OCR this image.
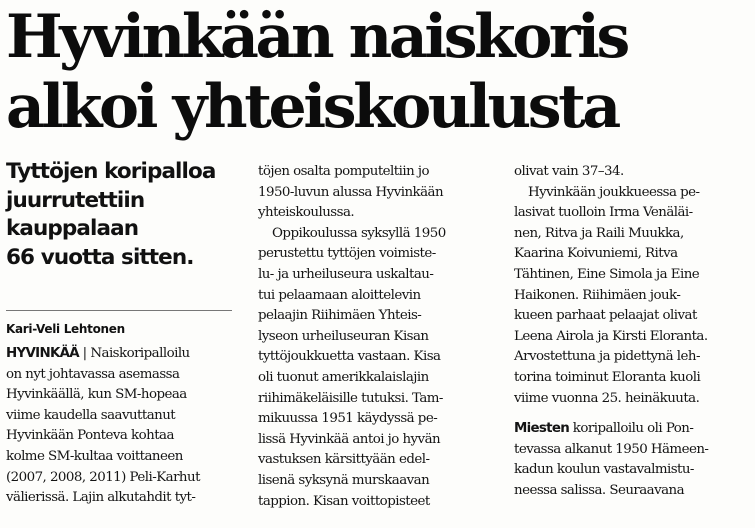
Hyvinkään naiskoris
alkoi yhteiskoulusta
Tyttöjen koripalloa
juurrutettiin
kauppalaan
66 vuotta sitten.
Kari-Veli Lehtonen
HYVINKÄÄ | Naiskoripalloilu
on nyt johtavassa asemassa
Hyvinkäällä, kun SM-hopeaa
viime kaudella saavuttanut
Hyvinkään Ponteva kohtaa
kolme SM-kultaa voittaneen
(2007, 2008, 2011) Peli-Karhut
välierissä. Lajin alkutahdit tyt-
töjen osalta pomputeltiin jo
1950-luvun alussa Hyvinkään
yhteiskoulussa.
Oppikoulussa syksyllä 1950
perustettu tyttöjen voimiste-
lu- ja urheiluseura uskaltau-
tui pelaamaan aloittelevin
pelaajin Riihimäen Yhteis-
lyseon urheiluseuran Kisan
tyttöjoukkuetta vastaan. Kisa
oli tuonut amerikkalaislajin
riihimäkeläisille tutuksi. Tam-
mikuussa 1951 käydyssä pe-
lissä Hyvinkää antoi jo hyvän
vastuksen kärsittyään edel-
lisenä syksynä murskaavan
tappion. Kisan voittopisteet
olivat vain 37–34.
Hyvinkään joukkueessa pe-
lasivat tuolloin Irma Venäläi-
nen, Ritva ja Raili Muukka,
Kaarina Koivuniemi, Ritva
Tähtinen, Eine Simola ja Eine
Haikonen. Riihimäen jouk-
kueen parhaat pelaajat olivat
Leena Airola ja Kirsti Eloranta.
Arvostettuna ja pidettynä leh-
torina toiminut Eloranta kuoli
viime vuonna 25. heinäkuuta.
Miesten koripalloilu oli Pon-
tevassa alkanut 1950 Hämeen-
kadun koulun vastavalmistu-
neessa salissa. Seuraavana
